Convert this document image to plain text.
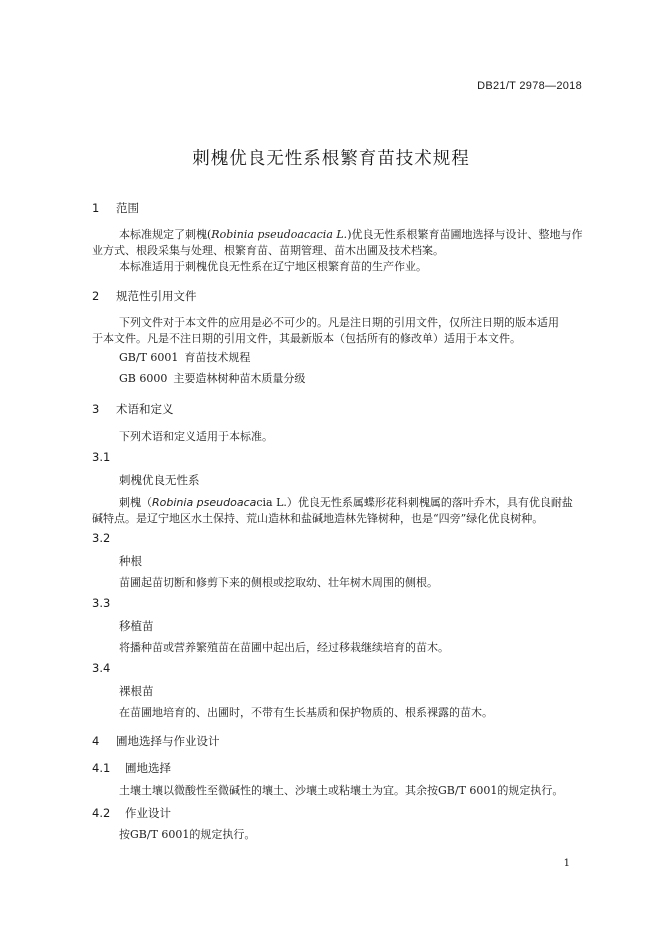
DB21/T 2978—2018
刺槐优良无性系根繁育苗技术规程
1 范围
本标准规定了刺槐(Robinia pseudoacacia L.)优良无性系根繁育苗圃地选择与设计、整地与作
业方式、根段采集与处理、根繁育苗、苗期管理、苗木出圃及技术档案。
本标准适用于刺槐优良无性系在辽宁地区根繁育苗的生产作业。
2 规范性引用文件
下列文件对于本文件的应用是必不可少的。凡是注日期的引用文件，仅所注日期的版本适用
于本文件。凡是不注日期的引用文件，其最新版本（包括所有的修改单）适用于本文件。
GB/T 6001 育苗技术规程
GB 6000 主要造林树种苗木质量分级
3 术语和定义
下列术语和定义适用于本标准。
3.1
刺槐优良无性系
刺槐（Robinia pseudoacacia L.）优良无性系属蝶形花科刺槐属的落叶乔木，具有优良耐盐
碱特点。是辽宁地区水土保持、荒山造林和盐碱地造林先锋树种，也是“四旁”绿化优良树种。
3.2
种根
苗圃起苗切断和修剪下来的侧根或挖取幼、壮年树木周围的侧根。
3.3
移植苗
将播种苗或营养繁殖苗在苗圃中起出后，经过移栽继续培育的苗木。
3.4
裸根苗
在苗圃地培育的、出圃时，不带有生长基质和保护物质的、根系裸露的苗木。
4 圃地选择与作业设计
4.1 圃地选择
土壤土壤以微酸性至微碱性的壤土、沙壤土或粘壤土为宜。其余按GB/T 6001的规定执行。
4.2 作业设计
按GB/T 6001的规定执行。
1
